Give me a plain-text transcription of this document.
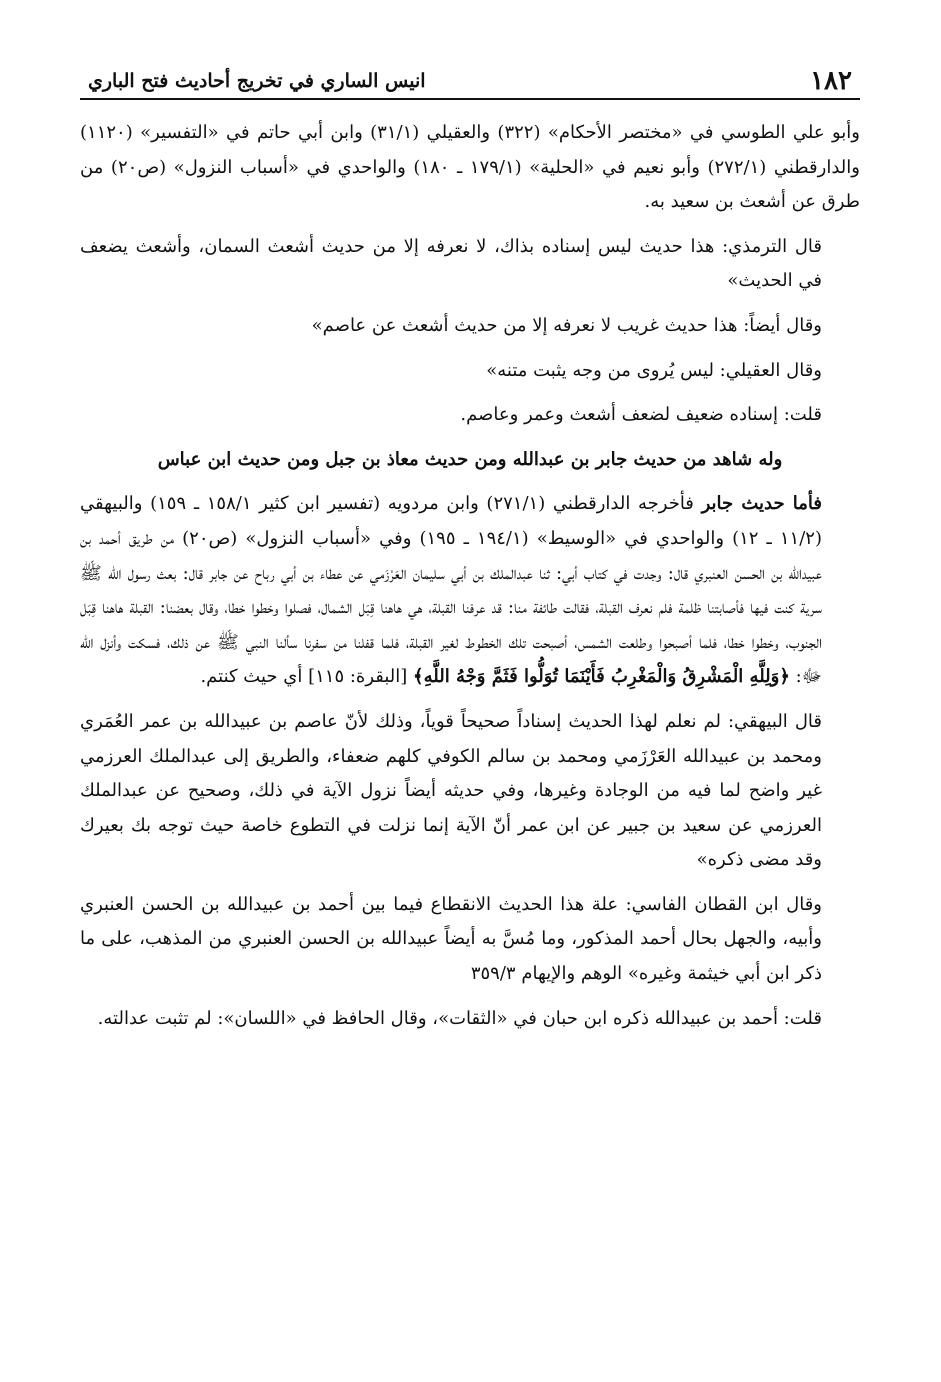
١٨٢
انيس الساري في تخريج أحاديث فتح الباري

وأبو علي الطوسي في «مختصر الأحكام» (٣٢٢) والعقيلي (٣١/١) وابن أبي حاتم في «التفسير» (١١٢٠) والدارقطني (٢٧٢/١) وأبو نعيم في «الحلية» (١٧٩/١ ـ ١٨٠) والواحدي في «أسباب النزول» (ص٢٠) من طرق عن أشعث بن سعيد به.

قال الترمذي: هذا حديث ليس إسناده بذاك، لا نعرفه إلا من حديث أشعث السمان، وأشعث يضعف في الحديث»

وقال أيضاً: هذا حديث غريب لا نعرفه إلا من حديث أشعث عن عاصم»

وقال العقيلي: ليس يُروى من وجه يثبت متنه»

قلت: إسناده ضعيف لضعف أشعث وعمر وعاصم.

وله شاهد من حديث جابر بن عبدالله ومن حديث معاذ بن جبل ومن حديث ابن عباس

فأما حديث جابر فأخرجه الدارقطني (٢٧١/١) وابن مردويه (تفسير ابن كثير ١٥٨/١ ـ ١٥٩) والبيهقي (١١/٢ ـ ١٢) والواحدي في «الوسيط» (١٩٤/١ ـ ١٩٥) وفي «أسباب النزول» (ص٢٠) من طريق أحمد بن عبيدالله بن الحسن العنبري قال: وجدت في كتاب أبي: ثنا عبدالملك بن أبي سليمان العَرْزَمي عن عطاء بن أبي رباح عن جابر قال: بعث رسول الله ﷺ سرية كنت فيها فأصابتنا ظلمة فلم نعرف القبلة، فقالت طائفة منا: قد عرفنا القبلة، هي هاهنا قِبَل الشمال، فصلوا وخطوا خطا، وقال بعضنا: القبلة هاهنا قِبَل الجنوب، وخطوا خطا، فلما أصبحوا وطلعت الشمس، أصبحت تلك الخطوط لغير القبلة، فلما قفلنا من سفرنا سألنا النبي ﷺ عن ذلك، فسكت وأنزل الله ﷻ: ﴿وَلِلَّهِ الْمَشْرِقُ وَالْمَغْرِبُ فَأَيْنَمَا تُوَلُّوا فَثَمَّ وَجْهُ اللَّهِ﴾ [البقرة: ١١٥] أي حيث كنتم.

قال البيهقي: لم نعلم لهذا الحديث إسناداً صحيحاً قوياً، وذلك لأنّ عاصم بن عبيدالله بن عمر العُمَري ومحمد بن عبيدالله العَرْزَمي ومحمد بن سالم الكوفي كلهم ضعفاء، والطريق إلى عبدالملك العرزمي غير واضح لما فيه من الوجادة وغيرها، وفي حديثه أيضاً نزول الآية في ذلك، وصحيح عن عبدالملك العرزمي عن سعيد بن جبير عن ابن عمر أنّ الآية إنما نزلت في التطوع خاصة حيث توجه بك بعيرك وقد مضى ذكره»

وقال ابن القطان الفاسي: علة هذا الحديث الانقطاع فيما بين أحمد بن عبيدالله بن الحسن العنبري وأبيه، والجهل بحال أحمد المذكور، وما مُسَّ به أيضاً عبيدالله بن الحسن العنبري من المذهب، على ما ذكر ابن أبي خيثمة وغيره» الوهم والإيهام ٣٥٩/٣

قلت: أحمد بن عبيدالله ذكره ابن حبان في «الثقات»، وقال الحافظ في «اللسان»: لم تثبت عدالته.
